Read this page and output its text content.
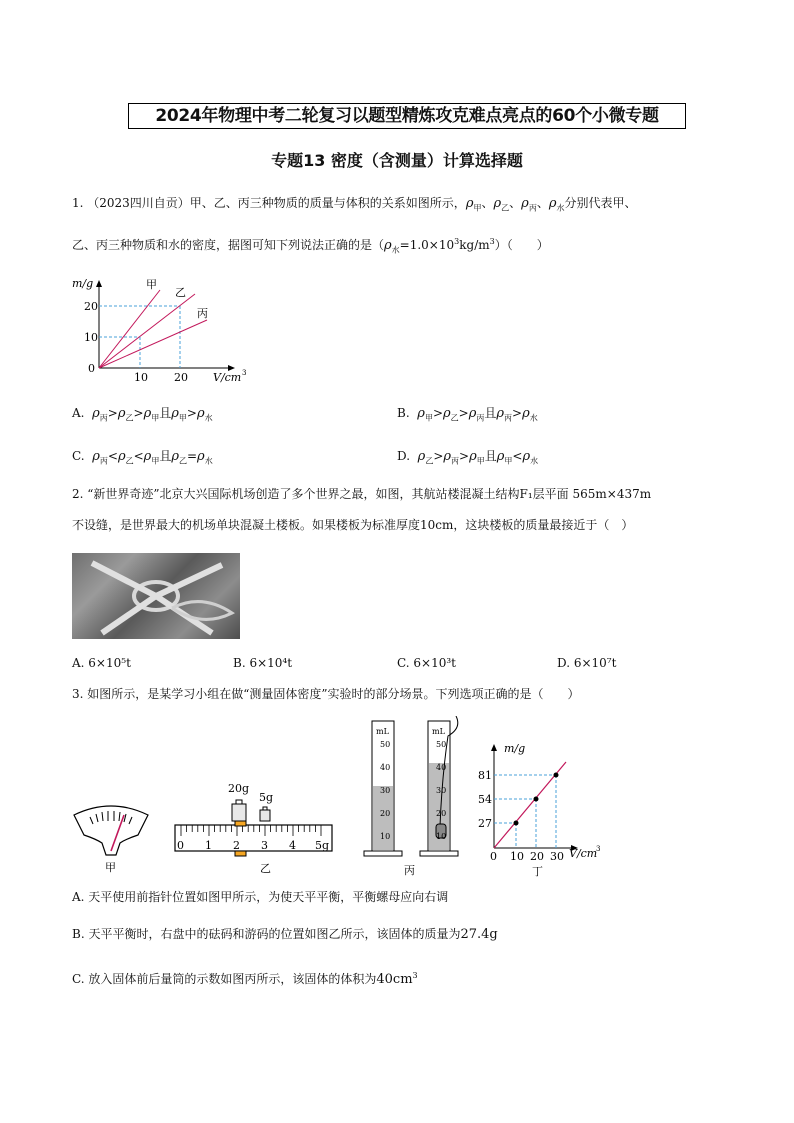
2024年物理中考二轮复习以题型精炼攻克难点亮点的60个小微专题
专题13 密度（含测量）计算选择题
1. （2023四川自贡）甲、乙、丙三种物质的质量与体积的关系如图所示，$\rho_甲$、$\rho_乙$、$\rho_丙$、$\rho_水$分别代表甲、
乙、丙三种物质和水的密度，据图可知下列说法正确的是$(\rho_水=1.0\times 10^3kg/m^3)$（　　）
m/g	甲
乙
丙
20
10
0
10 20 V/cm 3
A. $\rho_丙>\rho_乙>\rho_甲$且$\rho_甲>\rho_水$	B. $\rho_甲>\rho_乙>\rho_丙$且$\rho_丙>\rho_水$
C. $\rho_丙<\rho_乙<\rho_甲$且$\rho_乙=\rho_水$	D. $\rho_乙>\rho_丙>\rho_甲$且$\rho_甲<\rho_水$
2. “新世界奇迹”北京大兴国际机场创造了多个世界之最，如图，其航站楼混凝土结构F₁层平面 565m×437m
不设缝，是世界最大的机场单块混凝土楼板。如果楼板为标准厚度10cm，这块楼板的质量最接近于（　）
A. 6×10⁵t	B. 6×10⁴t	C. 6×10³t	D. 6×10⁷t
3. 如图所示，是某学习小组在做“测量固体密度”实验时的部分场景。下列选项正确的是（　　）
甲
20g
5g
0 1 2 3 4 5g
乙
mL
50
40
30
20
10
mL
50
40
30
20
10
丙
m/g
81
54
27
0 10 20 30 V/cm
3
丁
A. 天平使用前指针位置如图甲所示，为使天平平衡，平衡螺母应向右调
B. 天平平衡时，右盘中的砝码和游码的位置如图乙所示，该固体的质量为27.4g
C. 放入固体前后量筒的示数如图丙所示，该固体的体积为$40cm^3$
